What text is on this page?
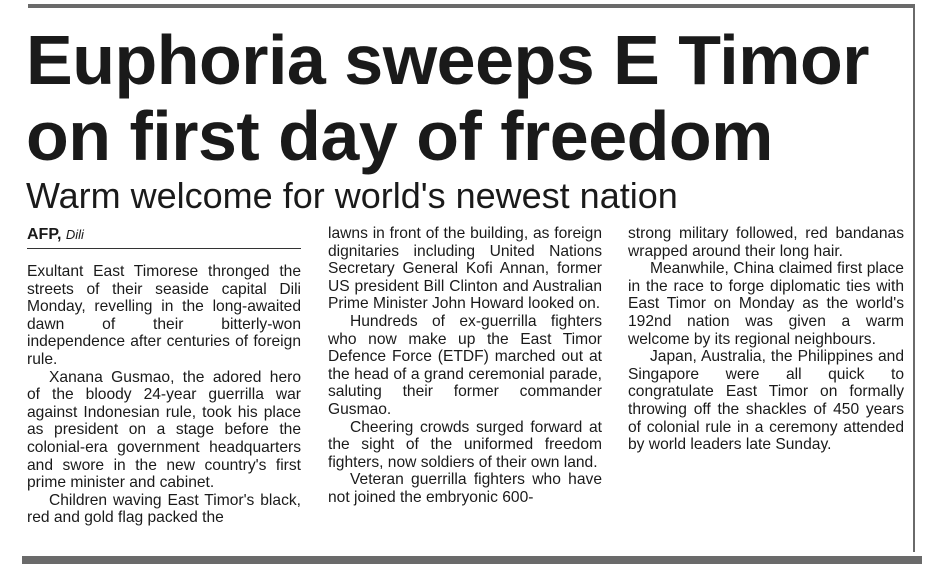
Euphoria sweeps E Timor
on first day of freedom
Warm welcome for world's newest nation
AFP, Dili

Exultant East Timorese thronged the streets of their seaside capital Dili Monday, revelling in the long-awaited dawn of their bitterly-won independence after centuries of foreign rule.

Xanana Gusmao, the adored hero of the bloody 24-year guerrilla war against Indonesian rule, took his place as president on a stage before the colonial-era government headquarters and swore in the new country's first prime minister and cabinet.

Children waving East Timor's black, red and gold flag packed the

lawns in front of the building, as foreign dignitaries including United Nations Secretary General Kofi Annan, former US president Bill Clinton and Australian Prime Minister John Howard looked on.

Hundreds of ex-guerrilla fighters who now make up the East Timor Defence Force (ETDF) marched out at the head of a grand ceremonial parade, saluting their former commander Gusmao.

Cheering crowds surged forward at the sight of the uniformed freedom fighters, now soldiers of their own land.

Veteran guerrilla fighters who have not joined the embryonic 600-

strong military followed, red bandanas wrapped around their long hair.

Meanwhile, China claimed first place in the race to forge diplomatic ties with East Timor on Monday as the world's 192nd nation was given a warm welcome by its regional neighbours.

Japan, Australia, the Philippines and Singapore were all quick to congratulate East Timor on formally throwing off the shackles of 450 years of colonial rule in a ceremony attended by world leaders late Sunday.
